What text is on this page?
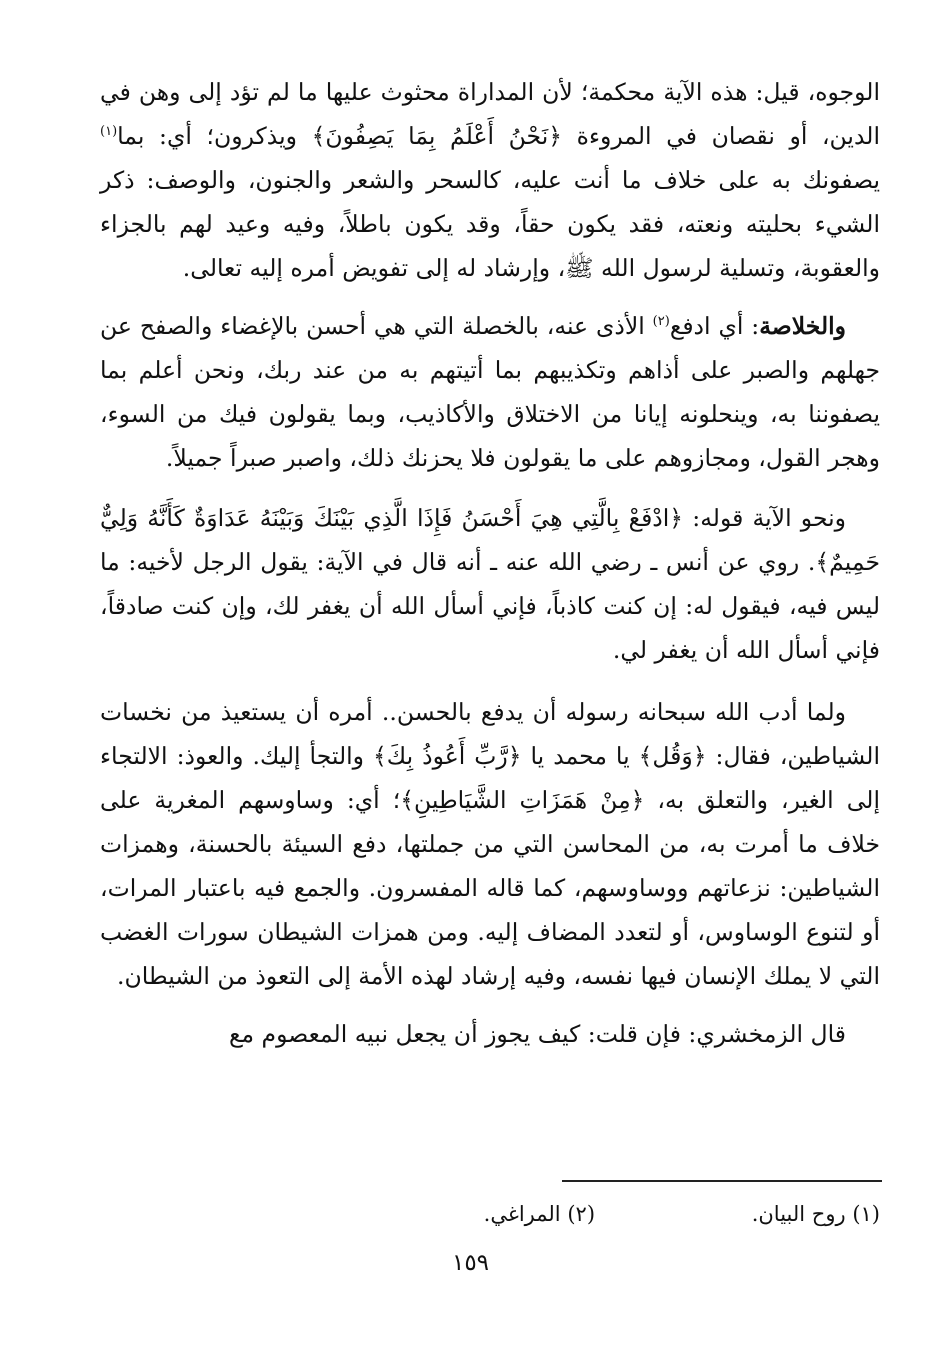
الوجوه، قيل: هذه الآية محكمة؛ لأن المداراة محثوث عليها ما لم تؤد إلى وهن في الدين، أو نقصان في المروءة ﴿نَحْنُ أَعْلَمُ بِمَا يَصِفُونَ﴾ ويذكرون؛ أي: بما$^{(١)}$ يصفونك به على خلاف ما أنت عليه، كالسحر والشعر والجنون، والوصف: ذكر الشيء بحليته ونعته، فقد يكون حقاً، وقد يكون باطلاً، وفيه وعيد لهم بالجزاء والعقوبة، وتسلية لرسول الله ﷺ، وإرشاد له إلى تفويض أمره إليه تعالى.

والخلاصة: أي ادفع$^{(٢)}$ الأذى عنه، بالخصلة التي هي أحسن بالإغضاء والصفح عن جهلهم والصبر على أذاهم وتكذيبهم بما أتيتهم به من عند ربك، ونحن أعلم بما يصفوننا به، وينحلونه إيانا من الاختلاق والأكاذيب، وبما يقولون فيك من السوء، وهجر القول، ومجازوهم على ما يقولون فلا يحزنك ذلك، واصبر صبراً جميلاً.

ونحو الآية قوله: ﴿ادْفَعْ بِالَّتِي هِيَ أَحْسَنُ فَإِذَا الَّذِي بَيْنَكَ وَبَيْنَهُ عَدَاوَةٌ كَأَنَّهُ وَلِيٌّ حَمِيمٌ﴾. روي عن أنس ـ رضي الله عنه ـ أنه قال في الآية: يقول الرجل لأخيه: ما ليس فيه، فيقول له: إن كنت كاذباً، فإني أسأل الله أن يغفر لك، وإن كنت صادقاً، فإني أسأل الله أن يغفر لي.

ولما أدب الله سبحانه رسوله أن يدفع بالحسن.. أمره أن يستعيذ من نخسات الشياطين، فقال: ﴿وَقُل﴾ يا محمد يا ﴿رَّبِّ أَعُوذُ بِكَ﴾ والتجأ إليك. والعوذ: الالتجاء إلى الغير، والتعلق به، ﴿مِنْ هَمَزَاتِ الشَّيَاطِينِ﴾؛ أي: وساوسهم المغرية على خلاف ما أمرت به، من المحاسن التي من جملتها، دفع السيئة بالحسنة، وهمزات الشياطين: نزعاتهم ووساوسهم، كما قاله المفسرون. والجمع فيه باعتبار المرات، أو لتنوع الوساوس، أو لتعدد المضاف إليه. ومن همزات الشيطان سورات الغضب التي لا يملك الإنسان فيها نفسه، وفيه إرشاد لهذه الأمة إلى التعوذ من الشيطان.

قال الزمخشري: فإن قلت: كيف يجوز أن يجعل نبيه المعصوم مع

(١) روح البيان. (٢) المراغي.
١٥٩
